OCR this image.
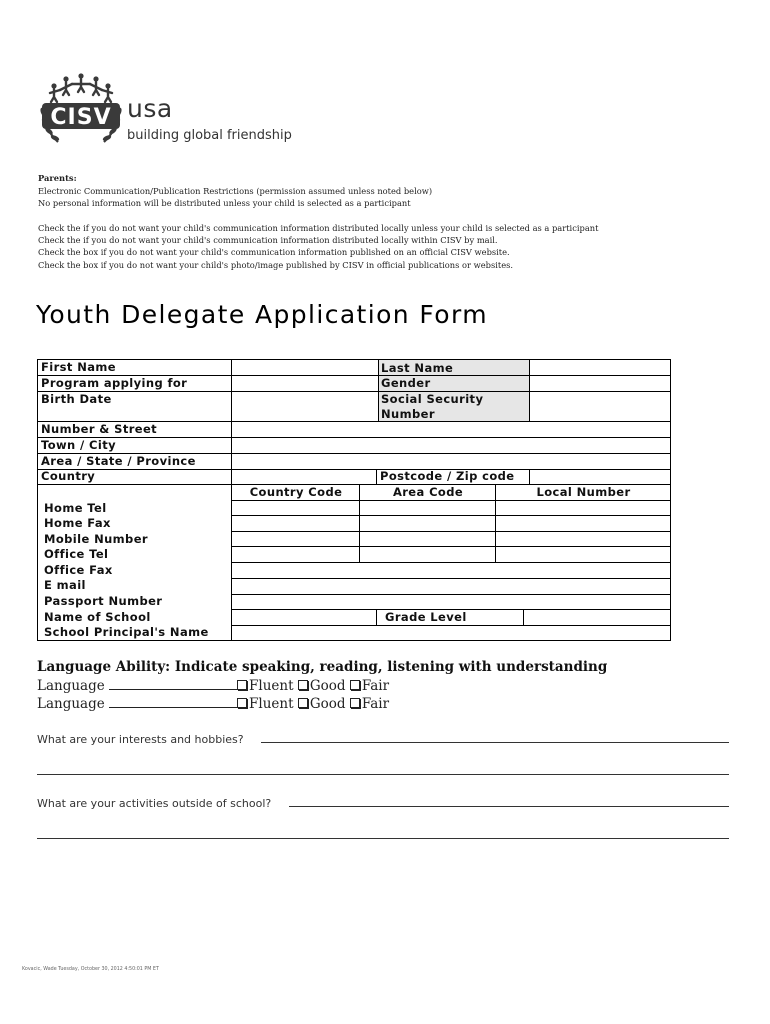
CISV usa
building global friendship
Parents:
Electronic Communication/Publication Restrictions (permission assumed unless noted below)
No personal information will be distributed unless your child is selected as a participant
Check the if you do not want your child's communication information distributed locally unless your child is selected as a participant
Check the if you do not want your child's communication information distributed locally within CISV by mail.
Check the box if you do not want your child's communication information published on an official CISV website.
Check the box if you do not want your child's photo/image published by CISV in official publications or websites.
Youth Delegate Application Form
First Name	Last Name
Program applying for	Gender
Birth Date	Social Security
Number
Number & Street
Town / City
Area / State / Province
Country	Postcode / Zip code
Country Code	Area Code	Local Number
Home Tel
Home Fax
Mobile Number
Office Tel
Office Fax
E mail
Passport Number
Name of School	Grade Level
School Principal's Name
Language Ability: Indicate speaking, reading, listening with understanding
Language	Fluent Good Fair
Language	Fluent Good Fair
What are your interests and hobbies?
What are your activities outside of school?
Kovacic, Wade Tuesday, October 30, 2012 4:50:01 PM ET
